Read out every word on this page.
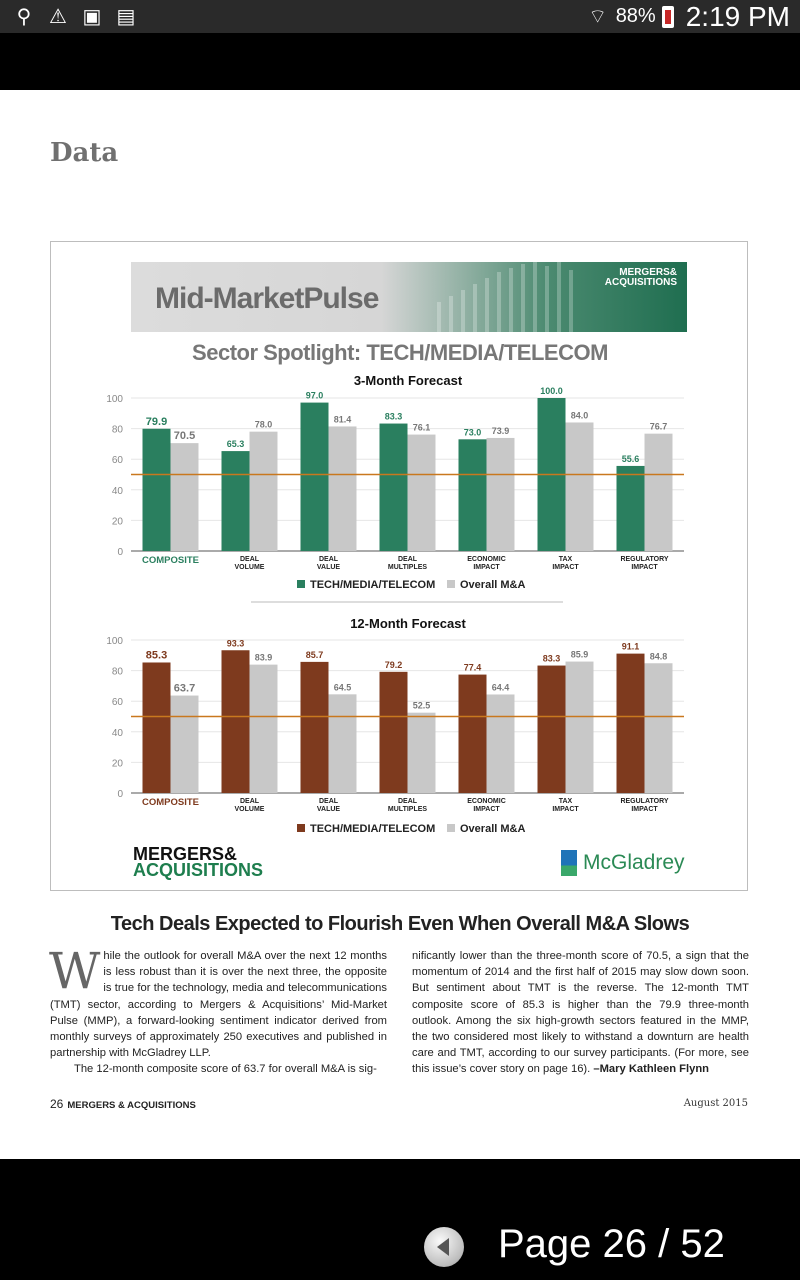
⚲ ⚠ ▣ ▤	⌔ 88% 2:19 PM
Data
Mid-MarketPulse
MERGERS& ACQUISITIONS
Sector Spotlight: TECH/MEDIA/TELECOM
3-Month Forecast
0
20
40
60
80
100
79.9
70.5
COMPOSITE
65.3
78.0
DEAL
VOLUME
97.0
81.4
DEAL
VALUE
83.3
76.1
DEAL
MULTIPLES
73.0 73.9
ECONOMIC
IMPACT
100.0
84.0
TAX
IMPACT
55.6
76.7
REGULATORY
IMPACT
TECH/MEDIA/TELECOM Overall M&A
12-Month Forecast
0
20
40
60
80
100
85.3
63.7
COMPOSITE
93.3
83.9
DEAL
VOLUME
85.7
64.5
DEAL
VALUE
79.2
52.5
DEAL
MULTIPLES
77.4
64.4
ECONOMIC
IMPACT
83.3 85.9
TAX
IMPACT
91.1
84.8
REGULATORY
IMPACT
TECH/MEDIA/TELECOM Overall M&A
MERGERS&
ACQUISITIONS	McGladrey
Tech Deals Expected to Flourish Even When Overall M&A Slows
While the outlook for overall M&A over the next 12 months is less robust than it is over the next three, the opposite is true for the technology, media and telecommunications (TMT) sector, according to Mergers & Acquisitions’ Mid-Market Pulse (MMP), a forward-looking sentiment indicator derived from monthly surveys of approximately 250 executives and published in partnership with McGladrey LLP.
The 12-month composite score of 63.7 for overall M&A is sig-
nificantly lower than the three-month score of 70.5, a sign that the momentum of 2014 and the first half of 2015 may slow down soon. But sentiment about TMT is the reverse. The 12-month TMT composite score of 85.3 is higher than the 79.9 three-month outlook. Among the six high-growth sectors featured in the MMP, the two considered most likely to withstand a downturn are health care and TMT, according to our survey participants. (For more, see this issue’s cover story on page 16). –Mary Kathleen Flynn
26 MERGERS & ACQUISITIONS	August 2015
Page 26 / 52
